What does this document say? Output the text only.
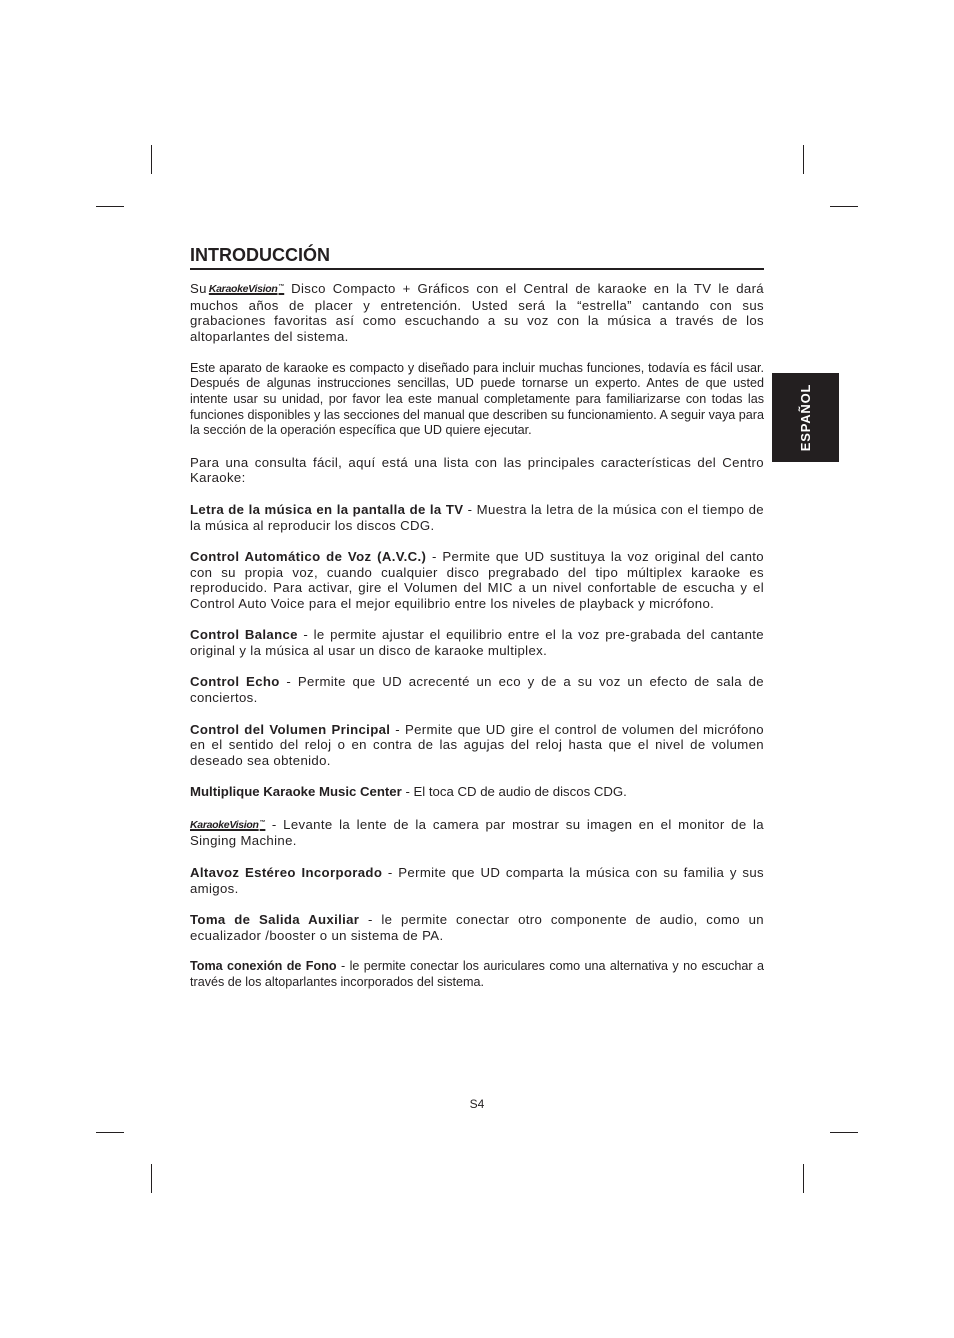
INTRODUCCIÓN
ESPAÑOL

Su KaraokeVision™ Disco Compacto + Gráficos con el Central de karaoke en la TV le dará muchos años de placer y entretención. Usted será la “estrella” cantando con sus grabaciones favoritas así como escuchando a su voz con la música a través de los altoparlantes del sistema.

Este aparato de karaoke es compacto y diseñado para incluir muchas funciones, todavía es fácil usar. Después de algunas instrucciones sencillas, UD puede tornarse un experto. Antes de que usted intente usar su unidad, por favor lea este manual completamente para familiarizarse con todas las funciones disponibles y las secciones del manual que describen su funcionamiento. A seguir vaya para la sección de la operación específica que UD quiere ejecutar.

Para una consulta fácil, aquí está una lista con las principales características del Centro Karaoke:

Letra de la música en la pantalla de la TV - Muestra la letra de la música con el tiempo de la música al reproducir los discos CDG.

Control Automático de Voz (A.V.C.) - Permite que UD sustituya la voz original del canto con su propia voz, cuando cualquier disco pregrabado del tipo múltiplex karaoke es reproducido. Para activar, gire el Volumen del MIC a un nivel confortable de escucha y el Control Auto Voice para el mejor equilibrio entre los niveles de playback y micrófono.

Control Balance - le permite ajustar el equilibrio entre el la voz pre-grabada del cantante original y la música al usar un disco de karaoke multiplex.

Control Echo - Permite que UD acrecenté un eco y de a su voz un efecto de sala de conciertos.

Control del Volumen Principal - Permite que UD gire el control de volumen del micrófono en el sentido del reloj o en contra de las agujas del reloj hasta que el nivel de volumen deseado sea obtenido.

Multiplique Karaoke Music Center - El toca CD de audio de discos CDG.

KaraokeVision™ - Levante la lente de la camera par mostrar su imagen en el monitor de la Singing Machine.

Altavoz Estéreo Incorporado - Permite que UD comparta la música con su familia y sus amigos.

Toma de Salida Auxiliar - le permite conectar otro componente de audio, como un ecualizador /booster o un sistema de PA.

Toma conexión de Fono - le permite conectar los auriculares como una alternativa y no escuchar a través de los altoparlantes incorporados del sistema.

S4
